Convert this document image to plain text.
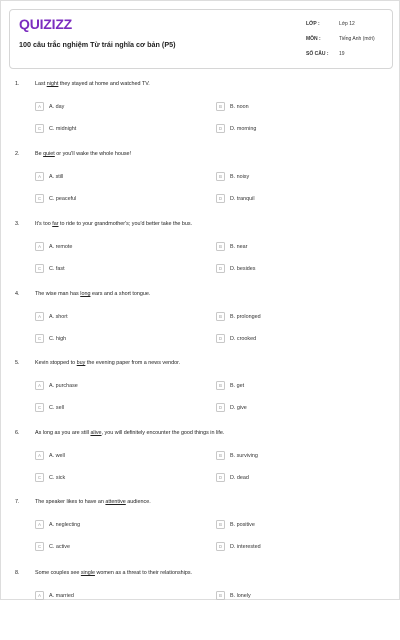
QUIZIZZ
100 câu trắc nghiệm Từ trái nghĩa cơ bản (P5)
LỚP :	Lớp 12
MÔN :	Tiếng Anh (mới)
SỐ CÂU :	19
1.	Last night they stayed at home and watched TV.
A	A. day	B	B. noon
C	C. midnight	D	D. morning
2.	Be quiet or you'll wake the whole house!
A	A. still	B	B. noisy
C	C. peaceful	D	D. tranquil
3.	It's too far to ride to your grandmother's; you'd better take the bus.
A	A. remote	B	B. near
C	C. fast	D	D. besides
4.	The wise man has long ears and a short tongue.
A	A. short	B	B. prolonged
C	C. high	D	D. crooked
5.	Kevin stopped to buy the evening paper from a news vendor.
A	A. purchase	B	B. get
C	C. sell	D	D. give
6.	As long as you are still alive, you will definitely encounter the good things in life.
A	A. well	B	B. surviving
C	C. sick	D	D. dead
7.	The speaker likes to have an attentive audience.
A	A. neglecting	B	B. positive
C	C. active	D	D. interested
8.	Some couples see single women as a threat to their relationships.
A	A. married	B	B. lonely
